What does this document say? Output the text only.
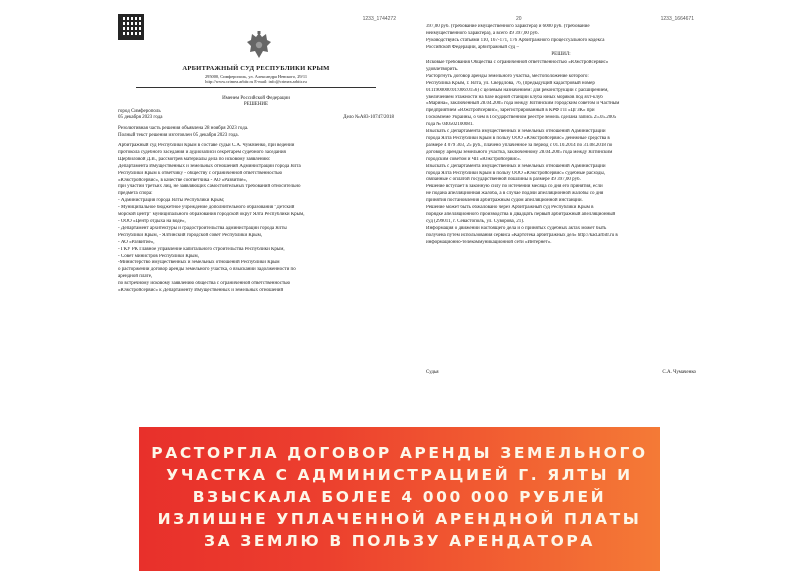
1233_1744272
АРБИТРАЖНЫЙ СУД РЕСПУБЛИКИ КРЫМ
295000, Симферополь, ул. Александра Невского, 29/11
http://www.crimea.arbitr.ru E-mail: info@crimea.arbitr.ru
Именем Российской Федерации
РЕШЕНИЕ
город Симферополь
05 декабря 2023 года	Дело №А83-10747/2018
Резолютивная часть решения объявлена 28 ноября 2023 года.
Полный текст решения изготовлен 05 декабря 2023 года.
Арбитражный суд Республики Крым в составе судьи С.А. Чумаченко, при ведении
протокола судебного заседания и аудиозаписи секретарем судебного заседания
Щербиловой Д.В., рассмотрев материалы дела по исковому заявлению:
Департамента Имущественных и земельных отношений Администрации города Ялта
Республики Крым к ответчику - обществу с ограниченной ответственностью
«Южстройсервис», в качестве соответчика - АО «Развитие»,
при участии третьих лиц, не заявляющих самостоятельных требований относительно
предмета спора:
- Администрация города Ялты Республики Крым;
- Муниципальное бюджетное учреждение дополнительного образования "Детский
морской центр" муниципального образования городской округ Ялта Республики Крым,
- ООО «Центр отдыха на воде»,
- Департамент архитектуры и градостроительства администрации города Ялты
Республики Крым, - Ялтинский городской совет Республики Крым,
- АО «Развитие»,
- ГКУ РК Главное управление капитального строительства Республики Крым,
- Совет министров Республики Крым,
-Министерство имущественных и земельных отношений Республики Крым
о расторжении договор аренды земельного участка, о взыскании задолженности по
арендной плате,
по встречному исковому заявлению общества с ограниченной ответственностью
«Южстройсервис» к Департаменту Имущественных и земельных отношений
20	1233_1664671
397,00 руб. (требование имущественного характера) и 6000 руб. (требование
неимущественного характера), а всего 49 397,00 руб.
Руководствуясь статьями 110, 167-171, 176 Арбитражного процессуального кодекса
Российской Федерации, арбитражный суд –
РЕШИЛ:
Исковые требования Общества с ограниченной ответственностью «Южстройсервис»
удовлетворить.
Расторгнуть договор аренды земельного участка, местоположение которого:
Республика Крым, г. Ялта, ул. Свердлова, 76, (предыдущий кадастровый номер
0111900000:01:006:0156) с целевым назначением: для реконструкции с расширением,
увеличением этажности на базе водной станции клуба юных моряков под яхт-клуб
«Марина», заключенный 28.04.2005 года между Ялтинским городским советом и Частным
предприятием «Южстройсервис», зарегистрированный в КРФ ГП «ЦГЗК» при
Госкомземе Украины, о чем в Государственном реестре земель сделана запись 25.05.2005
года № 040502100081.
Взыскать с Департамента имущественных и земельных отношений Администрации
города Ялта Республики Крым в пользу ООО «Южстройсервис» денежные средства в
размере 4 079 303, 25 руб., плачено уплаченное за период с 01.10.2014 по 31.08.2018 по
договору аренды земельного участка, заключенному 28.04.2005 года между Ялтинским
городским советом и ЧП «Южстройсервис».
Взыскать с Департамента имущественных и земельных отношений Администрации
города Ялта Республики Крым в пользу ООО «Южстройсервис» судебные расходы,
связанные с оплатой государственной пошлины в размере 49 397,00 руб.
Решение вступает в законную силу по истечении месяца со дня его принятия, если
не подана апелляционная жалоба, а в случае подачи апелляционной жалобы со дня
принятия постановления арбитражным судом апелляционной инстанции.
Решение может быть обжаловано через Арбитражный суд Республики Крым в
порядке апелляционного производства в Двадцать первый арбитражный апелляционный
суд (299011, г. Севастополь, ул. Суворова, 21).
Информация о движении настоящего дела и о принятых судебных актах может быть
получена путем использования сервиса «Картотека арбитражных дел» http://kad.arbitr.ru в
информационно-телекоммуникационной сети «Интернет».
Судья	С.А. Чумаченко
РАСТОРГЛА ДОГОВОР АРЕНДЫ ЗЕМЕЛЬНОГО
УЧАСТКА С АДМИНИСТРАЦИЕЙ Г. ЯЛТЫ И
ВЗЫСКАЛА БОЛЕЕ 4 000 000 РУБЛЕЙ
ИЗЛИШНЕ УПЛАЧЕННОЙ АРЕНДНОЙ ПЛАТЫ
ЗА ЗЕМЛЮ В ПОЛЬЗУ АРЕНДАТОРА
